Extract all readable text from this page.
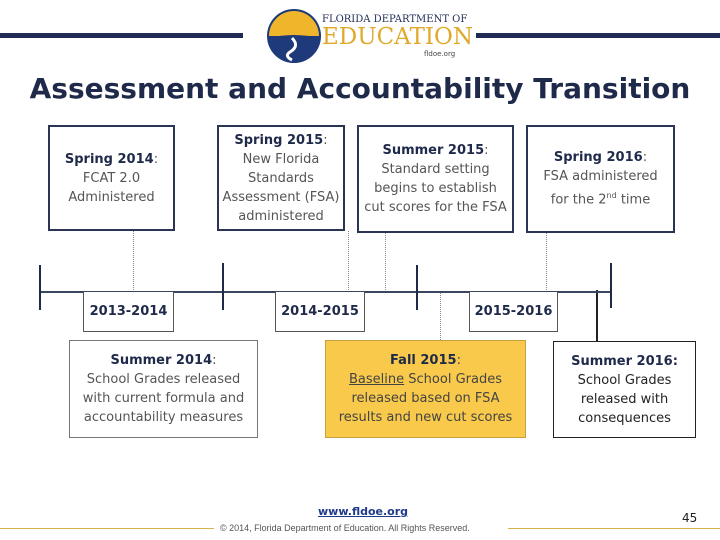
FLORIDA DEPARTMENT OF
EDUCATION
fldoe.org
Assessment and Accountability Transition
Spring 2014:
FCAT 2.0
Administered
Spring 2015:
New Florida
Standards
Assessment (FSA)
administered
Summer 2015:
Standard setting
begins to establish
cut scores for the FSA
Spring 2016:
FSA administered
for the 2nd time
2013-2014	2014-2015	2015-2016
Summer 2014:
School Grades released
with current formula and
accountability measures
Fall 2015:
Baseline School Grades
released based on FSA
results and new cut scores
Summer 2016:
School Grades
released with
consequences
www.fldoe.org
© 2014, Florida Department of Education. All Rights Reserved.
45
